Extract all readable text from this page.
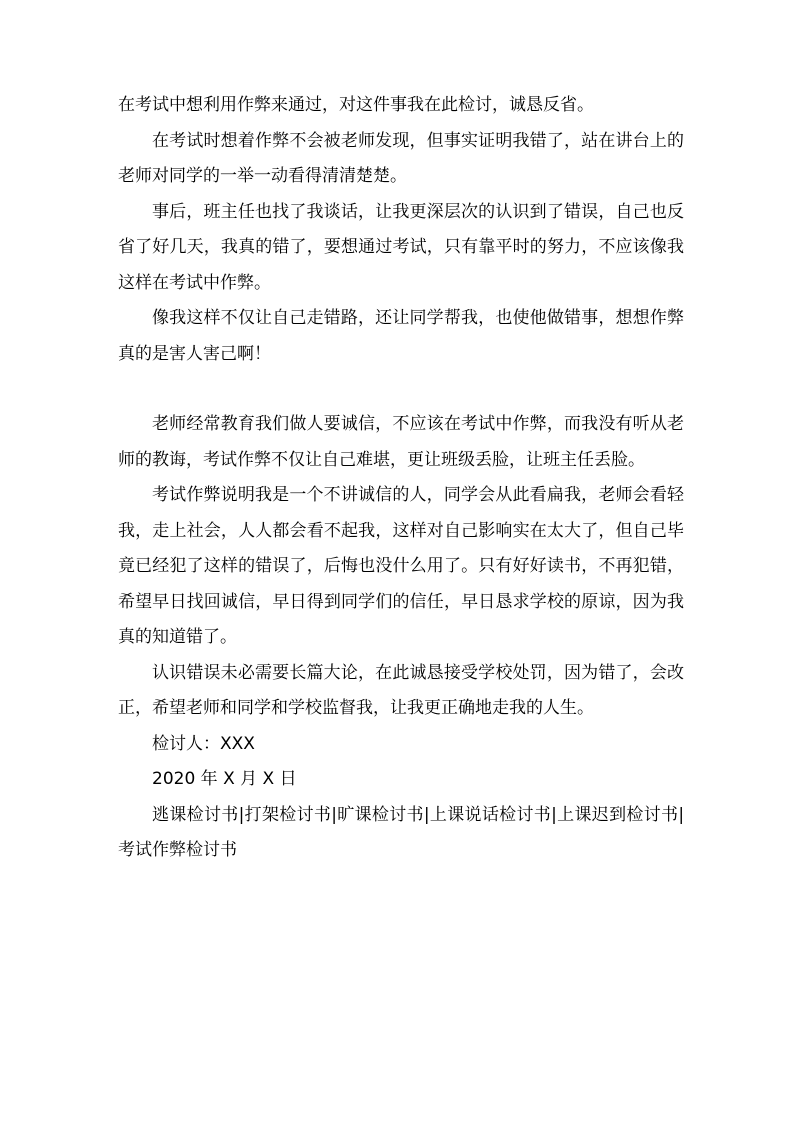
在考试中想利用作弊来通过，对这件事我在此检讨，诚恳反省。

在考试时想着作弊不会被老师发现，但事实证明我错了，站在讲台上的老师对同学的一举一动看得清清楚楚。

事后，班主任也找了我谈话，让我更深层次的认识到了错误，自己也反省了好几天，我真的错了，要想通过考试，只有靠平时的努力，不应该像我这样在考试中作弊。

像我这样不仅让自己走错路，还让同学帮我，也使他做错事，想想作弊真的是害人害己啊！

老师经常教育我们做人要诚信，不应该在考试中作弊，而我没有听从老师的教诲，考试作弊不仅让自己难堪，更让班级丢脸，让班主任丢脸。

考试作弊说明我是一个不讲诚信的人，同学会从此看扁我，老师会看轻我，走上社会，人人都会看不起我，这样对自己影响实在太大了，但自己毕竟已经犯了这样的错误了，后悔也没什么用了。只有好好读书，不再犯错，希望早日找回诚信，早日得到同学们的信任，早日恳求学校的原谅，因为我真的知道错了。

认识错误未必需要长篇大论，在此诚恳接受学校处罚，因为错了，会改正，希望老师和同学和学校监督我，让我更正确地走我的人生。

检讨人：XXX

2020 年 X 月 X 日

逃课检讨书|打架检讨书|旷课检讨书|上课说话检讨书|上课迟到检讨书|考试作弊检讨书
